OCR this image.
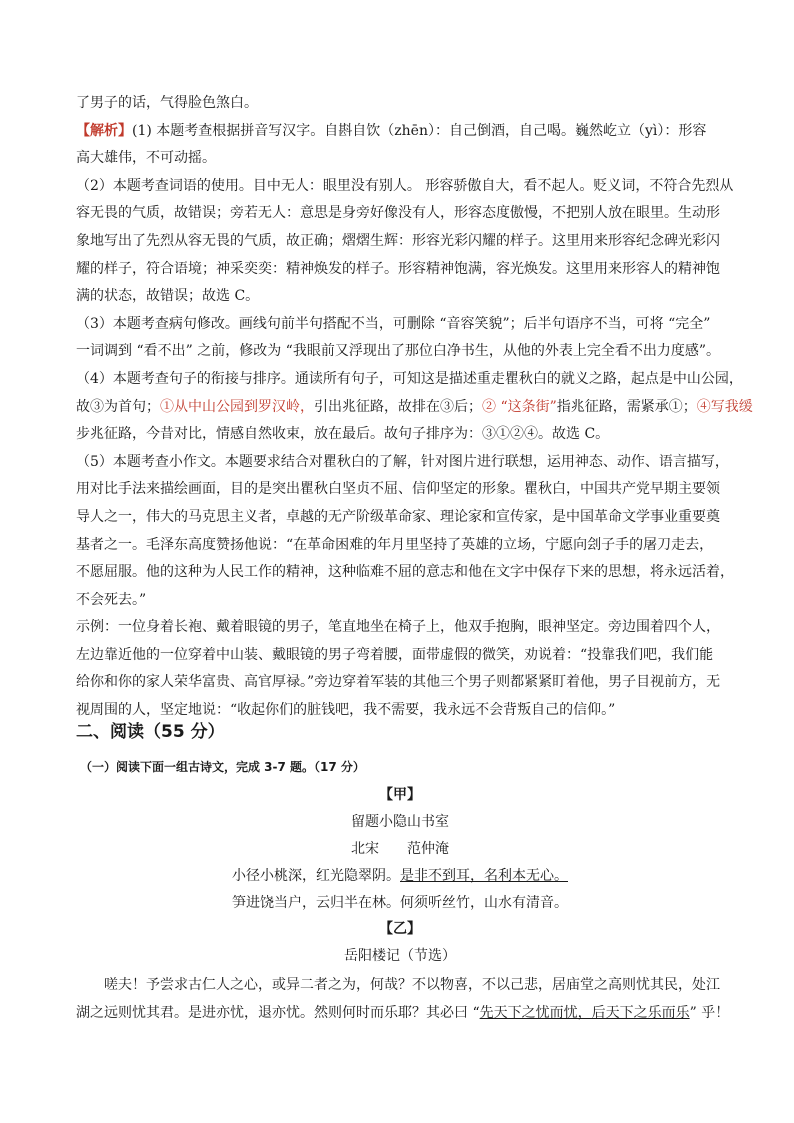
了男子的话，气得脸色煞白。
【解析】(1) 本题考查根据拼音写汉字。自斟自饮（zhēn）：自己倒酒，自己喝。巍然屹立（yì）：形容
高大雄伟，不可动摇。
（2）本题考查词语的使用。目中无人：眼里没有别人。 形容骄傲自大，看不起人。贬义词，不符合先烈从
容无畏的气质，故错误；旁若无人：意思是身旁好像没有人，形容态度傲慢，不把别人放在眼里。生动形
象地写出了先烈从容无畏的气质，故正确；熠熠生辉：形容光彩闪耀的样子。这里用来形容纪念碑光彩闪
耀的样子，符合语境；神采奕奕：精神焕发的样子。形容精神饱满，容光焕发。这里用来形容人的精神饱
满的状态，故错误；故选 C。
（3）本题考查病句修改。画线句前半句搭配不当，可删除 “音容笑貌”；后半句语序不当，可将 “完全”
一词调到 “看不出” 之前，修改为 “我眼前又浮现出了那位白净书生，从他的外表上完全看不出力度感”。
（4）本题考查句子的衔接与排序。通读所有句子，可知这是描述重走瞿秋白的就义之路，起点是中山公园，
故③为首句；①从中山公园到罗汉岭，引出兆征路，故排在③后；② “这条街”指兆征路，需紧承①；④写我缓
步兆征路，今昔对比，情感自然收束，放在最后。故句子排序为：③①②④。故选 C。
（5）本题考查小作文。本题要求结合对瞿秋白的了解，针对图片进行联想，运用神态、动作、语言描写，
用对比手法来描绘画面，目的是突出瞿秋白坚贞不屈、信仰坚定的形象。瞿秋白，中国共产党早期主要领
导人之一，伟大的马克思主义者，卓越的无产阶级革命家、理论家和宣传家，是中国革命文学事业重要奠
基者之一。毛泽东高度赞扬他说：“在革命困难的年月里坚持了英雄的立场，宁愿向刽子手的屠刀走去，
不愿屈服。他的这种为人民工作的精神，这种临难不屈的意志和他在文字中保存下来的思想，将永远活着，
不会死去。”
示例：一位身着长袍、戴着眼镜的男子，笔直地坐在椅子上，他双手抱胸，眼神坚定。旁边围着四个人，
左边靠近他的一位穿着中山装、戴眼镜的男子弯着腰，面带虚假的微笑，劝说着：“投靠我们吧，我们能
给你和你的家人荣华富贵、高官厚禄。”旁边穿着军装的其他三个男子则都紧紧盯着他，男子目视前方，无
视周围的人，坚定地说：“收起你们的脏钱吧，我不需要，我永远不会背叛自己的信仰。”
二、阅读（55 分）
（一）阅读下面一组古诗文，完成 3-7 题。（17 分）
【甲】
留题小隐山书室
北宋　　范仲淹
小径小桃深，红光隐翠阴。是非不到耳，名利本无心。
笋进饶当户，云归半在林。何须听丝竹，山水有清音。
【乙】
岳阳楼记（节选）
嗟夫！予尝求古仁人之心，或异二者之为，何哉？不以物喜，不以己悲，居庙堂之高则忧其民，处江
湖之远则忧其君。是进亦忧，退亦忧。然则何时而乐耶？其必曰 “先天下之忧而忧，后天下之乐而乐” 乎！
